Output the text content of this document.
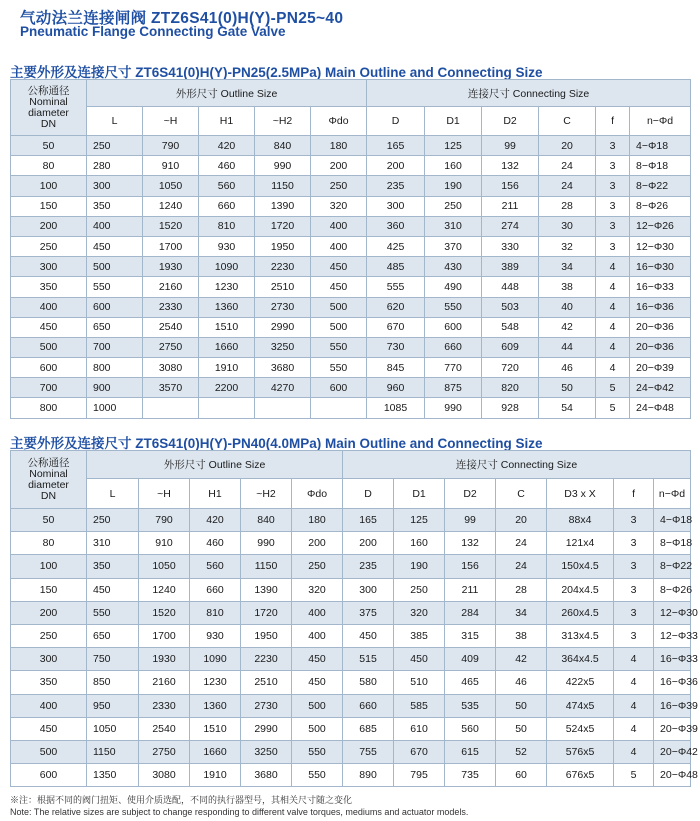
气动法兰连接闸阀 ZTZ6S41(0)H(Y)-PN25~40
Pneumatic Flange Connecting Gate Valve
主要外形及连接尺寸 ZT6S41(0)H(Y)-PN25(2.5MPa) Main Outline and Connecting Size
公称通径
Nominal
diameter
DN	外形尺寸 Outline Size					连接尺寸 Connecting Size					
	L	~H	H1	~H2	Φdo	D	D1	D2	C	f	n−Φd
50	250	790	420	840	180	165	125	99	20	3	4−Φ18
80	280	910	460	990	200	200	160	132	24	3	8−Φ18
100	300	1050	560	1150	250	235	190	156	24	3	8−Φ22
150	350	1240	660	1390	320	300	250	211	28	3	8−Φ26
200	400	1520	810	1720	400	360	310	274	30	3	12−Φ26
250	450	1700	930	1950	400	425	370	330	32	3	12−Φ30
300	500	1930	1090	2230	450	485	430	389	34	4	16−Φ30
350	550	2160	1230	2510	450	555	490	448	38	4	16−Φ33
400	600	2330	1360	2730	500	620	550	503	40	4	16−Φ36
450	650	2540	1510	2990	500	670	600	548	42	4	20−Φ36
500	700	2750	1660	3250	550	730	660	609	44	4	20−Φ36
600	800	3080	1910	3680	550	845	770	720	46	4	20−Φ39
700	900	3570	2200	4270	600	960	875	820	50	5	24−Φ42
800	1000					1085	990	928	54	5	24−Φ48
主要外形及连接尺寸 ZT6S41(0)H(Y)-PN40(4.0MPa) Main Outline and Connecting Size
公称通径
Nominal
diameter
DN	外形尺寸 Outline Size					连接尺寸 Connecting Size						
	L	~H	H1	~H2	Φdo	D	D1	D2	C	D3 x X	f	n−Φd
50	250	790	420	840	180	165	125	99	20	88x4	3	4−Φ18
80	310	910	460	990	200	200	160	132	24	121x4	3	8−Φ18
100	350	1050	560	1150	250	235	190	156	24	150x4.5	3	8−Φ22
150	450	1240	660	1390	320	300	250	211	28	204x4.5	3	8−Φ26
200	550	1520	810	1720	400	375	320	284	34	260x4.5	3	12−Φ30
250	650	1700	930	1950	400	450	385	315	38	313x4.5	3	12−Φ33
300	750	1930	1090	2230	450	515	450	409	42	364x4.5	4	16−Φ33
350	850	2160	1230	2510	450	580	510	465	46	422x5	4	16−Φ36
400	950	2330	1360	2730	500	660	585	535	50	474x5	4	16−Φ39
450	1050	2540	1510	2990	500	685	610	560	50	524x5	4	20−Φ39
500	1150	2750	1660	3250	550	755	670	615	52	576x5	4	20−Φ42
600	1350	3080	1910	3680	550	890	795	735	60	676x5	5	20−Φ48
※注：根据不同的阀门扭矩、使用介质选配，不同的执行器型号，其相关尺寸随之变化
Note: The relative sizes are subject to change responding to different valve torques, mediums and actuator models.
